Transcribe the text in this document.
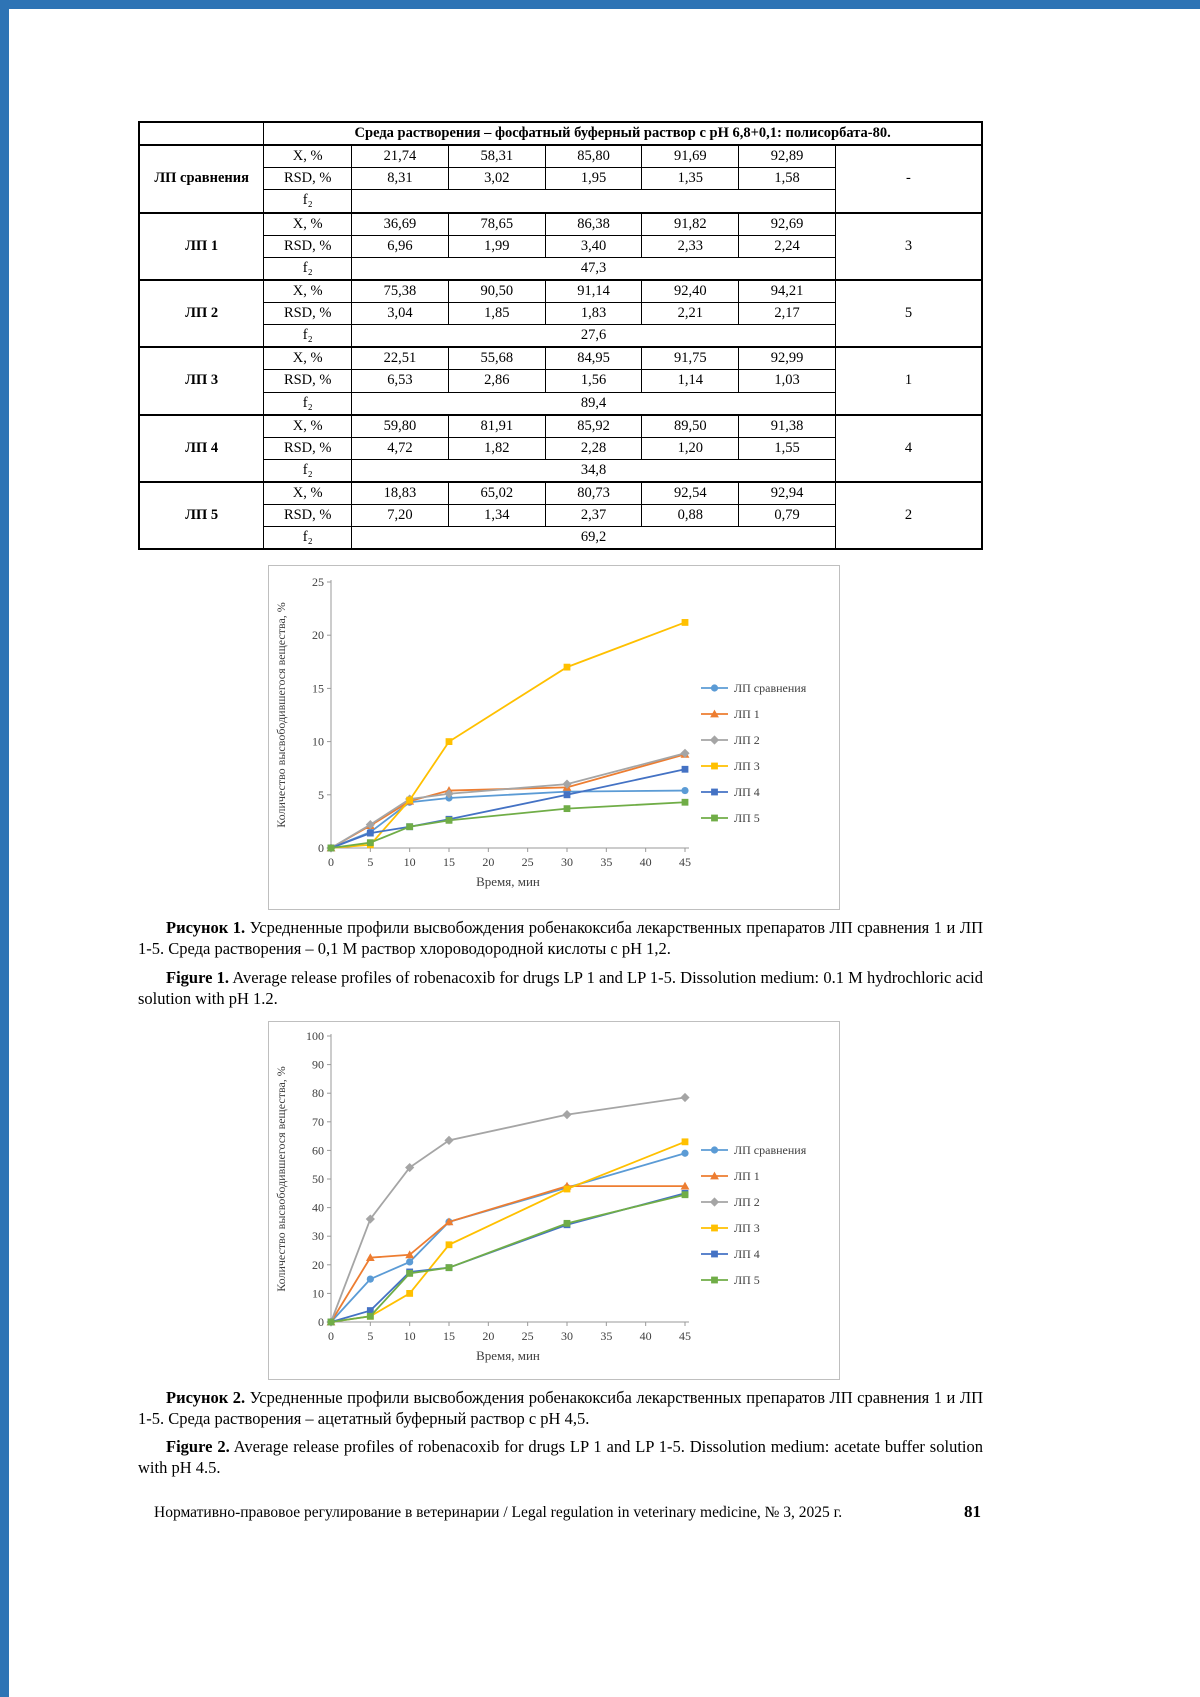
	Среда растворения – фосфатный буферный раствор с рН 6,8+0,1: полисорбата-80.						
ЛП сравнения	X, %	21,74	58,31	85,80	91,69	92,89	-
	RSD, %	8,31	3,02	1,95	1,35	1,58	
	f₂						
ЛП 1	X, %	36,69	78,65	86,38	91,82	92,69	3
	RSD, %	6,96	1,99	3,40	2,33	2,24	
	f₂	47,3					
ЛП 2	X, %	75,38	90,50	91,14	92,40	94,21	5
	RSD, %	3,04	1,85	1,83	2,21	2,17	
	f₂	27,6					
ЛП 3	X, %	22,51	55,68	84,95	91,75	92,99	1
	RSD, %	6,53	2,86	1,56	1,14	1,03	
	f₂	89,4					
ЛП 4	X, %	59,80	81,91	85,92	89,50	91,38	4
	RSD, %	4,72	1,82	2,28	1,20	1,55	
	f₂	34,8					
ЛП 5	X, %	18,83	65,02	80,73	92,54	92,94	2
	RSD, %	7,20	1,34	2,37	0,88	0,79	
	f₂	69,2					
0
5
10
15
20
25
0	5	10 15 20 25 30 35 40 45
Время, мин
Количество высвободившегося вещества, %	ЛП сравнения
ЛП 1
ЛП 2
ЛП 3
ЛП 4
ЛП 5

Рисунок 1. Усредненные профили высвобождения робенакоксиба лекарственных препаратов ЛП сравнения 1 и ЛП 1-5. Среда растворения – 0,1 М раствор хлороводородной кислоты с рН 1,2.

Figure 1. Average release profiles of robenacoxib for drugs LP 1 and LP 1-5. Dissolution medium: 0.1 M hydrochloric acid solution with pH 1.2.

0
10
20
30
40
50
60
70
80
90
100
0	5	10 15 20 25 30 35 40 45
Время, мин
Количество высвободившегося вещества, %	ЛП сравнения
ЛП 1
ЛП 2
ЛП 3
ЛП 4
ЛП 5

Рисунок 2. Усредненные профили высвобождения робенакоксиба лекарственных препаратов ЛП сравнения 1 и ЛП 1-5. Среда растворения – ацетатный буферный раствор с рН 4,5.

Figure 2. Average release profiles of robenacoxib for drugs LP 1 and LP 1-5. Dissolution medium: acetate buffer solution with pH 4.5.

Нормативно-правовое регулирование в ветеринарии / Legal regulation in veterinary medicine, № 3, 2025 г.	81
